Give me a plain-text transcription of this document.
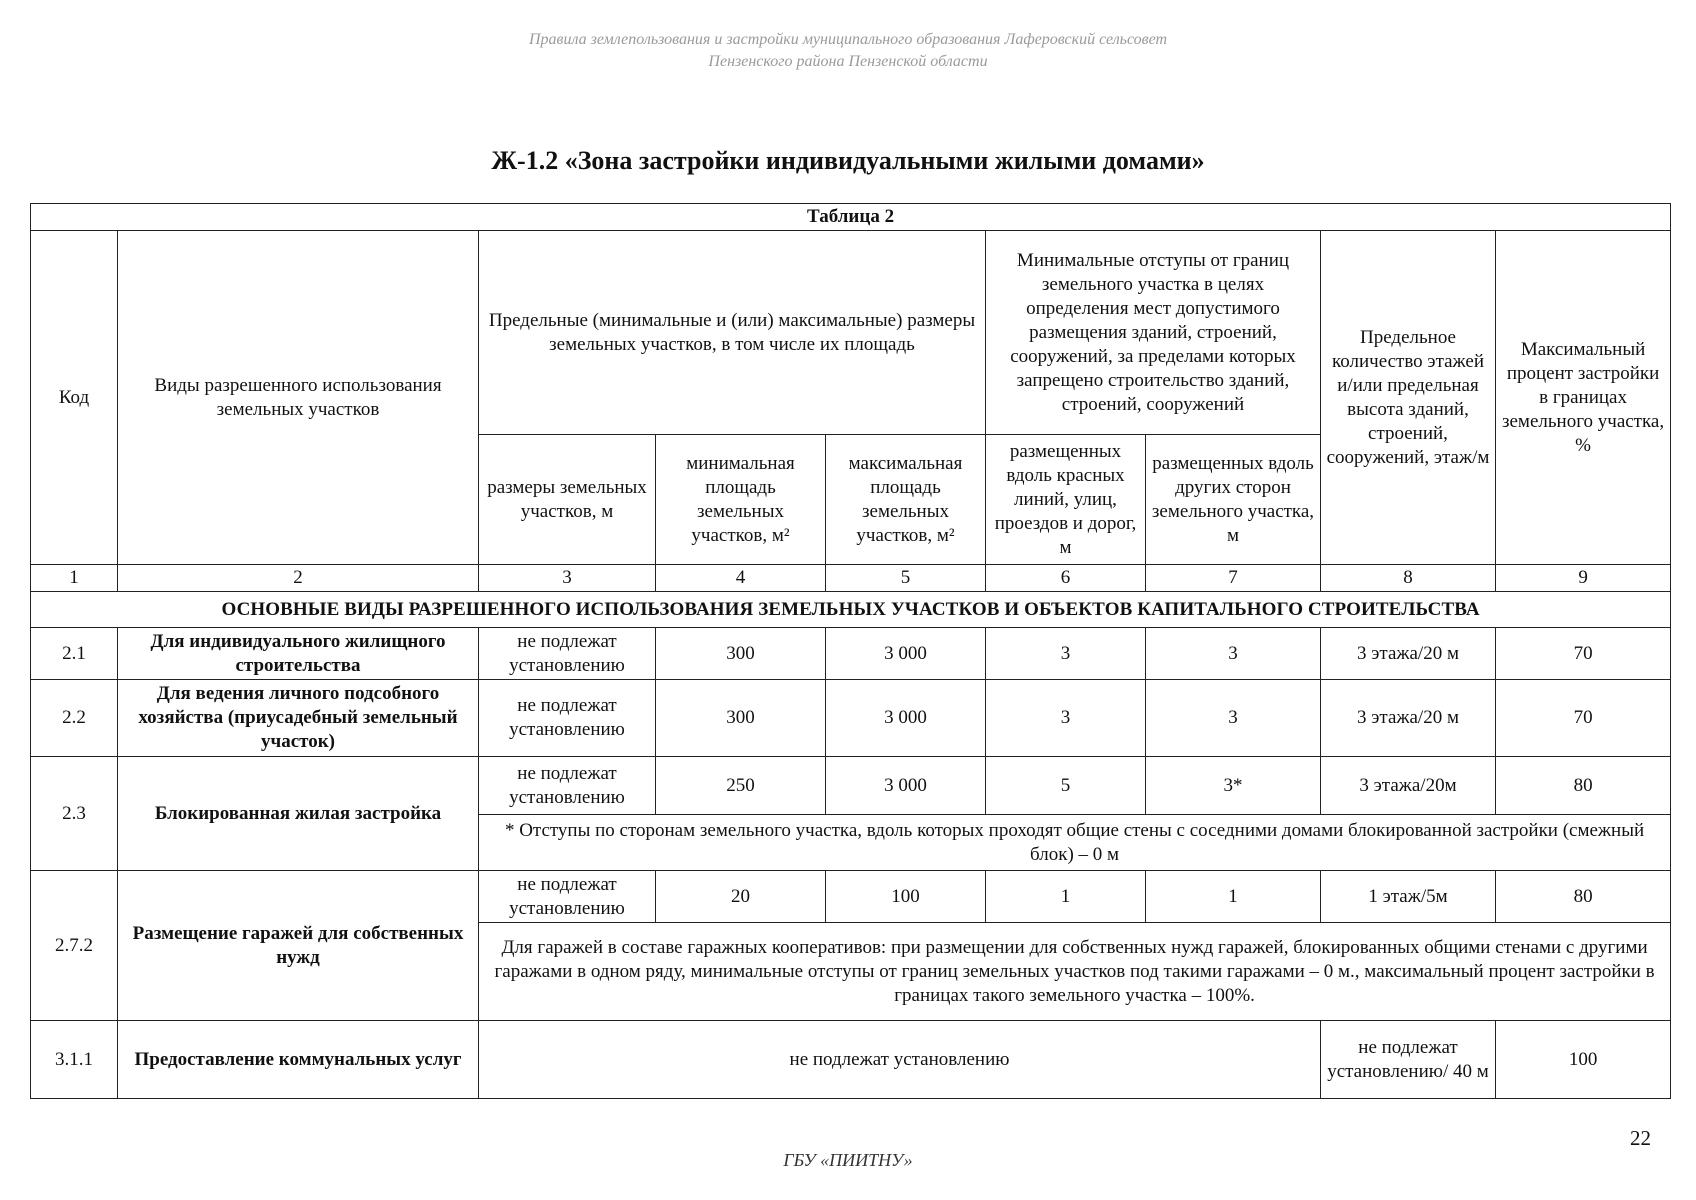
Правила землепользования и застройки муниципального образования Лаферовский сельсовет
Пензенского района Пензенской области
Ж-1.2 «Зона застройки индивидуальными жилыми домами»
Таблица 2								
Код	Виды разрешенного использования земельных участков	Предельные (минимальные и (или) максимальные) размеры земельных участков, в том числе их площадь			Минимальные отступы от границ земельного участка в целях определения мест допустимого размещения зданий, строений, сооружений, за пределами которых запрещено строительство зданий, строений, сооружений		Предельное количество этажей и/или предельная высота зданий, строений, сооружений, этаж/м	Максимальный процент застройки в границах земельного участка, %
		размеры земельных участков, м	минимальная площадь земельных участков, м²	максимальная площадь земельных участков, м²	размещенных вдоль красных линий, улиц, проездов и дорог, м	размещенных вдоль других сторон земельного участка, м		
1	2	3	4	5	6	7	8	9
ОСНОВНЫЕ ВИДЫ РАЗРЕШЕННОГО ИСПОЛЬЗОВАНИЯ ЗЕМЕЛЬНЫХ УЧАСТКОВ И ОБЪЕКТОВ КАПИТАЛЬНОГО СТРОИТЕЛЬСТВА								
2.1	Для индивидуального жилищного строительства	не подлежат установлению	300	3 000	3	3	3 этажа/20 м	70
2.2	Для ведения личного подсобного хозяйства (приусадебный земельный участок)	не подлежат установлению	300	3 000	3	3	3 этажа/20 м	70
2.3	Блокированная жилая застройка	не подлежат установлению	250	3 000	5	3*	3 этажа/20м	80
		* Отступы по сторонам земельного участка, вдоль которых проходят общие стены с соседними домами блокированной застройки (смежный блок) – 0 м						
2.7.2	Размещение гаражей для собственных нужд	не подлежат установлению	20	100	1	1	1 этаж/5м	80
		Для гаражей в составе гаражных кооперативов: при размещении для собственных нужд гаражей, блокированных общими стенами с другими гаражами в одном ряду, минимальные отступы от границ земельных участков под такими гаражами – 0 м., максимальный процент застройки в границах такого земельного участка – 100%.						
3.1.1	Предоставление коммунальных услуг	не подлежат установлению					не подлежат установлению/ 40 м	100
22
ГБУ «ПИИТНУ»
